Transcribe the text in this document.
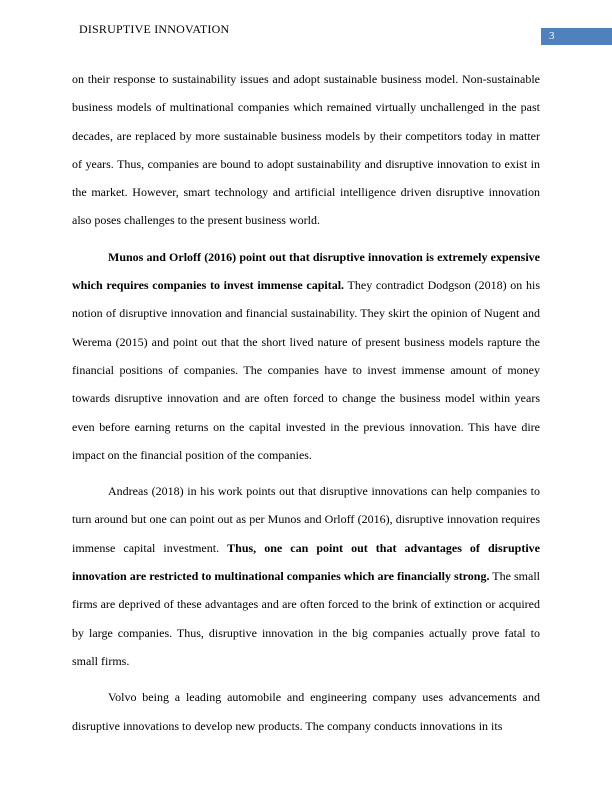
DISRUPTIVE INNOVATION	3

on their response to sustainability issues and adopt sustainable business model. Non-sustainable business models of multinational companies which remained virtually unchallenged in the past decades, are replaced by more sustainable business models by their competitors today in matter of years. Thus, companies are bound to adopt sustainability and disruptive innovation to exist in the market. However, smart technology and artificial intelligence driven disruptive innovation also poses challenges to the present business world.

Munos and Orloff (2016) point out that disruptive innovation is extremely expensive which requires companies to invest immense capital. They contradict Dodgson (2018) on his notion of disruptive innovation and financial sustainability. They skirt the opinion of Nugent and Werema (2015) and point out that the short lived nature of present business models rapture the financial positions of companies. The companies have to invest immense amount of money towards disruptive innovation and are often forced to change the business model within years even before earning returns on the capital invested in the previous innovation. This have dire impact on the financial position of the companies.

Andreas (2018) in his work points out that disruptive innovations can help companies to turn around but one can point out as per Munos and Orloff (2016), disruptive innovation requires immense capital investment. Thus, one can point out that advantages of disruptive innovation are restricted to multinational companies which are financially strong. The small firms are deprived of these advantages and are often forced to the brink of extinction or acquired by large companies. Thus, disruptive innovation in the big companies actually prove fatal to small firms.

Volvo being a leading automobile and engineering company uses advancements and disruptive innovations to develop new products. The company conducts innovations in its
